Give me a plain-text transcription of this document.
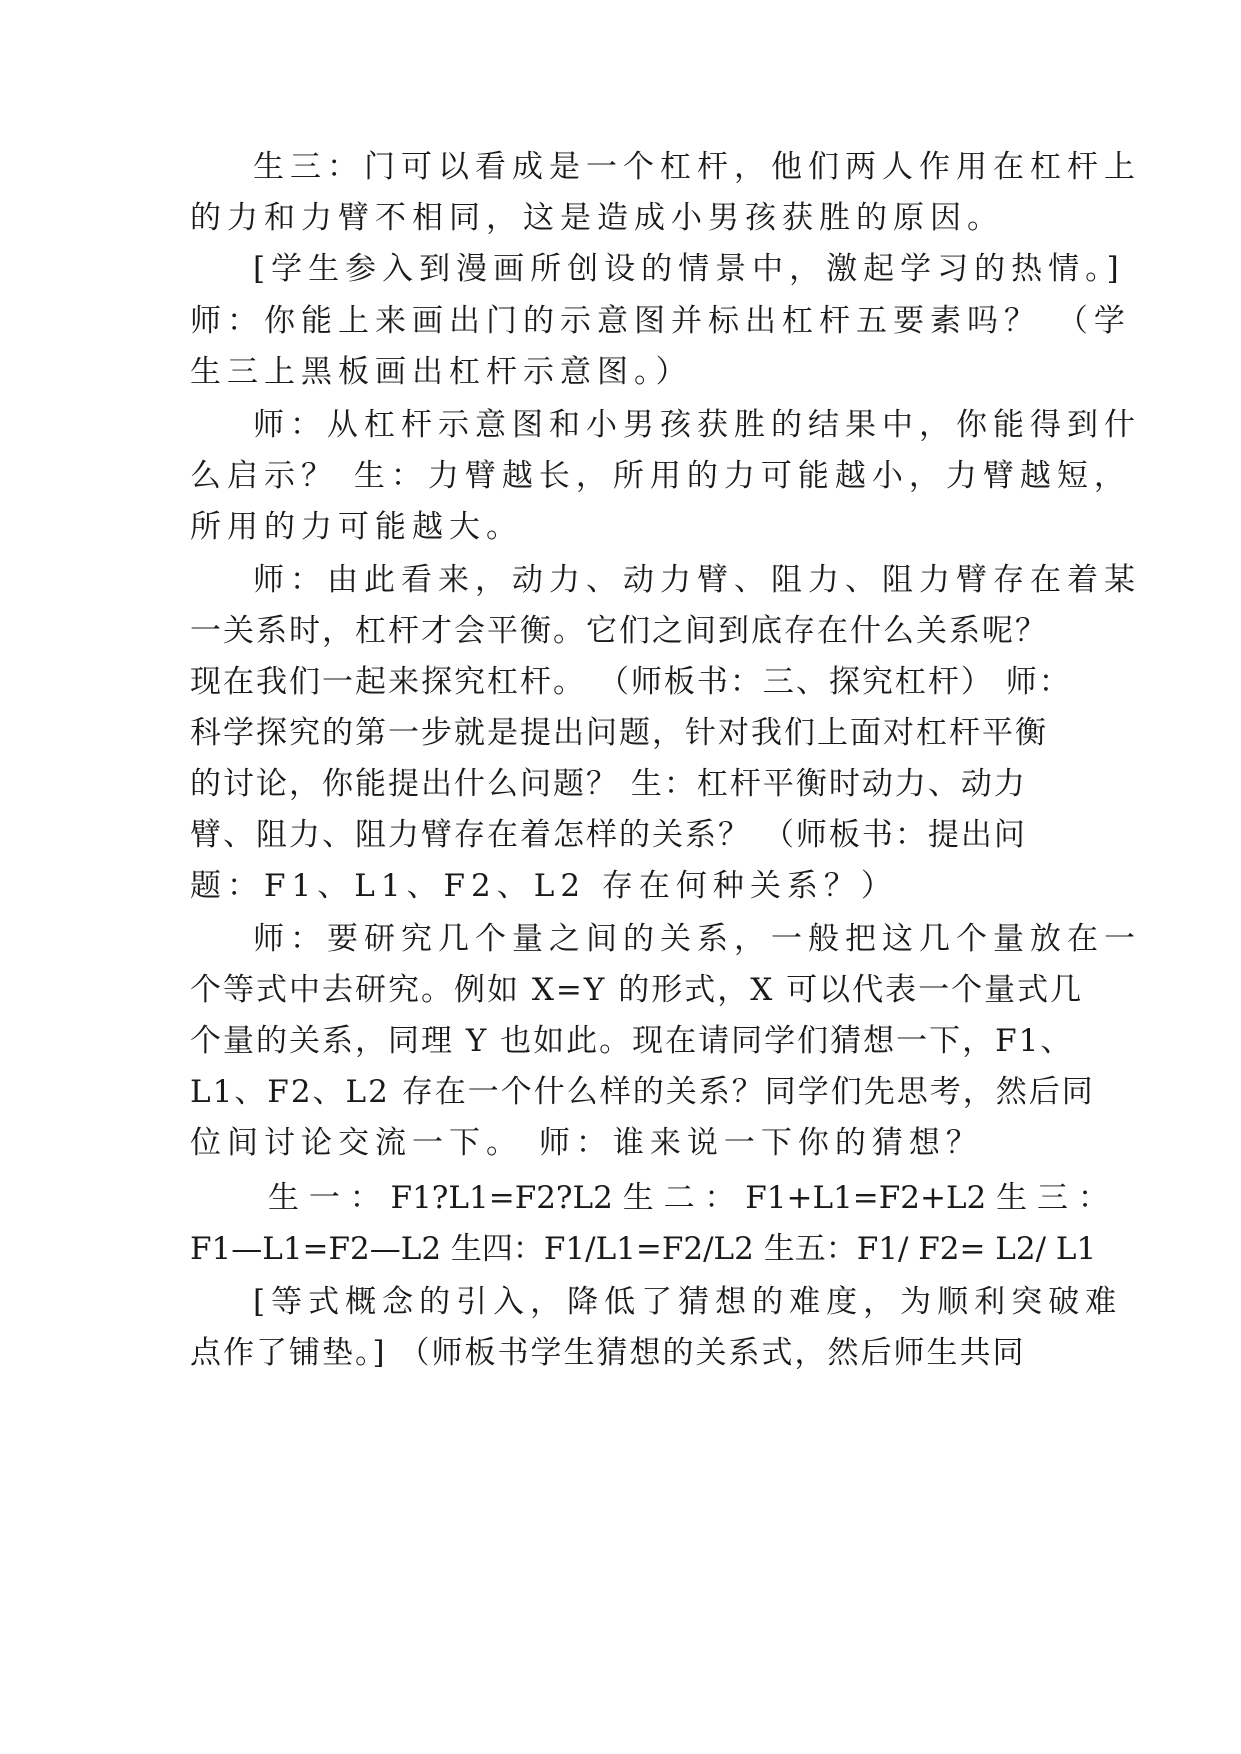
生三：门可以看成是一个杠杆，他们两人作用在杠杆上
的力和力臂不相同，这是造成小男孩获胜的原因。
[学生参入到漫画所创设的情景中，激起学习的热情。]
师：你能上来画出门的示意图并标出杠杆五要素吗？ （学
生三上黑板画出杠杆示意图。）
师：从杠杆示意图和小男孩获胜的结果中，你能得到什
么启示？ 生：力臂越长，所用的力可能越小，力臂越短，
所用的力可能越大。
师：由此看来，动力、动力臂、阻力、阻力臂存在着某
一关系时，杠杆才会平衡。它们之间到底存在什么关系呢？
现在我们一起来探究杠杆。 （师板书：三、探究杠杆） 师：
科学探究的第一步就是提出问题，针对我们上面对杠杆平衡
的讨论，你能提出什么问题？ 生：杠杆平衡时动力、动力
臂、阻力、阻力臂存在着怎样的关系？ （师板书：提出问
题：F1、L1、F2、L2 存在何种关系？）
师：要研究几个量之间的关系，一般把这几个量放在一
个等式中去研究。例如 X=Y 的形式，X 可以代表一个量式几
个量的关系，同理 Y 也如此。现在请同学们猜想一下，F1、
L1、F2、L2 存在一个什么样的关系？同学们先思考，然后同
位间讨论交流一下。 师：谁来说一下你的猜想？
生 一 ： F1?L1=F2?L2 生 二 ： F1+L1=F2+L2 生 三 ：
F1—L1=F2—L2 生四：F1/L1=F2/L2 生五：F1/ F2= L2/ L1
[等式概念的引入，降低了猜想的难度，为顺利突破难
点作了铺垫。] （师板书学生猜想的关系式，然后师生共同
